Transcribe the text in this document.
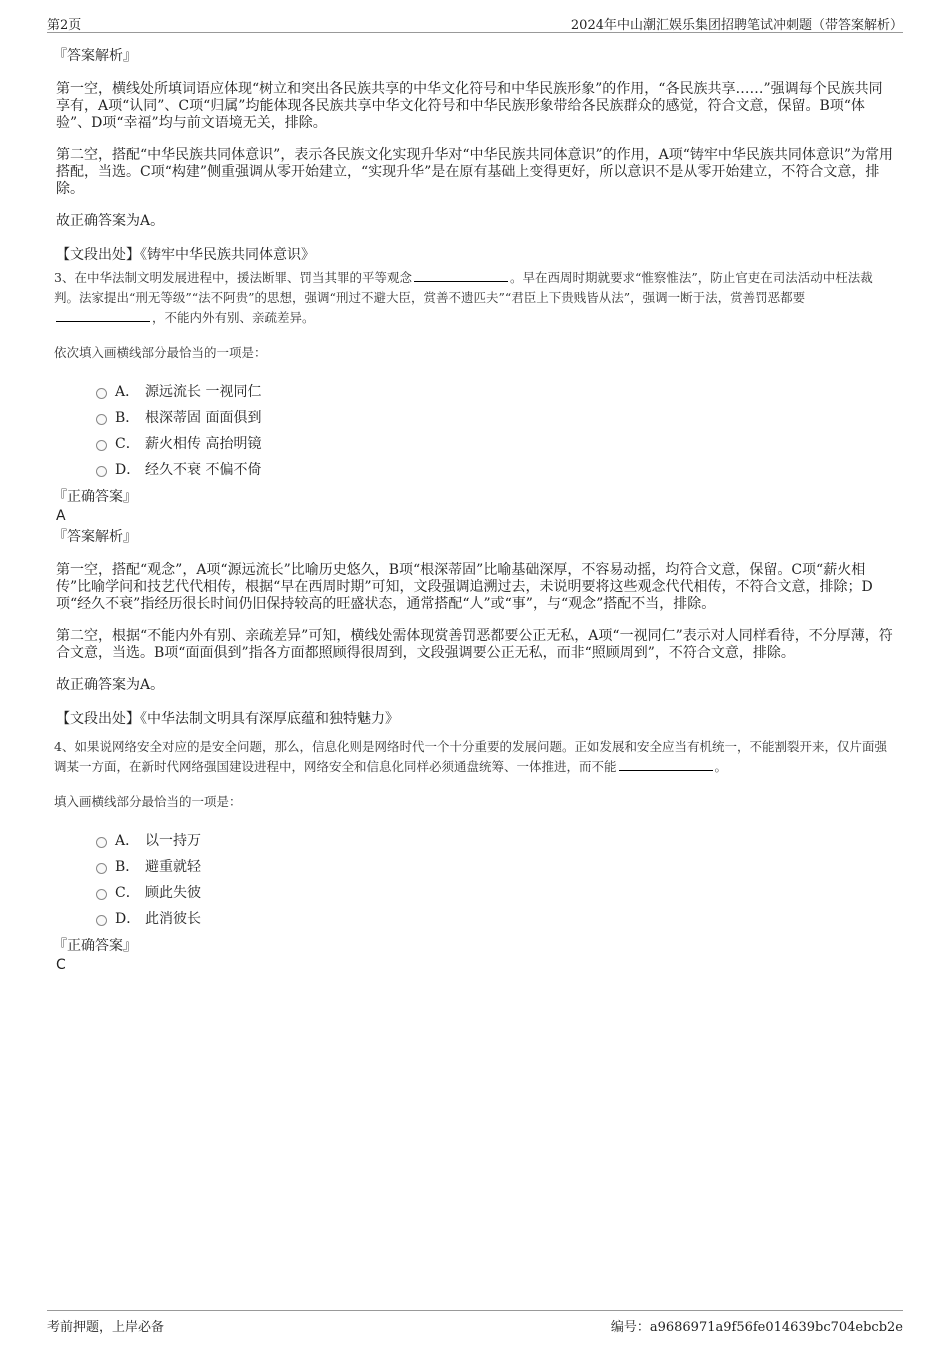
第2页	2024年中山潮汇娱乐集团招聘笔试冲刺题（带答案解析）
『答案解析』

第一空，横线处所填词语应体现“树立和突出各民族共享的中华文化符号和中华民族形象”的作用，“各民族共享……”强调每个民族共同享有，A项“认同”、C项“归属”均能体现各民族共享中华文化符号和中华民族形象带给各民族群众的感觉，符合文意，保留。B项“体验”、D项“幸福”均与前文语境无关，排除。

第二空，搭配“中华民族共同体意识”，表示各民族文化实现升华对“中华民族共同体意识”的作用，A项“铸牢中华民族共同体意识”为常用搭配，当选。C项“构建”侧重强调从零开始建立，“实现升华”是在原有基础上变得更好，所以意识不是从零开始建立，不符合文意，排除。

故正确答案为A。

【文段出处】《铸牢中华民族共同体意识》

3、在中华法制文明发展进程中，援法断罪、罚当其罪的平等观念	。早在西周时期就要求“惟察惟法”，防止官吏在司法活动中枉法裁判。法家提出“刑无等级”“法不阿贵”的思想，强调“刑过不避大臣，赏善不遗匹夫”“君臣上下贵贱皆从法”，强调一断于法，赏善罚恶都要，不能内外有别、亲疏差异。

依次填入画横线部分最恰当的一项是：
A． 源远流长 一视同仁
B． 根深蒂固 面面俱到
C． 薪火相传 高抬明镜
D． 经久不衰 不偏不倚
『正确答案』
A
『答案解析』

第一空，搭配“观念”，A项“源远流长”比喻历史悠久，B项“根深蒂固”比喻基础深厚，不容易动摇，均符合文意，保留。C项“薪火相传”比喻学问和技艺代代相传，根据“早在西周时期”可知，文段强调追溯过去，未说明要将这些观念代代相传，不符合文意，排除；D项“经久不衰”指经历很长时间仍旧保持较高的旺盛状态，通常搭配“人”或“事”，与“观念”搭配不当，排除。

第二空，根据“不能内外有别、亲疏差异”可知，横线处需体现赏善罚恶都要公正无私，A项“一视同仁”表示对人同样看待，不分厚薄，符合文意，当选。B项“面面俱到”指各方面都照顾得很周到，文段强调要公正无私，而非“照顾周到”，不符合文意，排除。

故正确答案为A。

【文段出处】《中华法制文明具有深厚底蕴和独特魅力》

4、如果说网络安全对应的是安全问题，那么，信息化则是网络时代一个十分重要的发展问题。正如发展和安全应当有机统一，不能割裂开来，仅片面强调某一方面，在新时代网络强国建设进程中，网络安全和信息化同样必须通盘统筹、一体推进，而不能	。

填入画横线部分最恰当的一项是：
A． 以一持万
B． 避重就轻
C． 顾此失彼
D． 此消彼长
『正确答案』
C
考前押题，上岸必备	编号：a9686971a9f56fe014639bc704ebcb2e
